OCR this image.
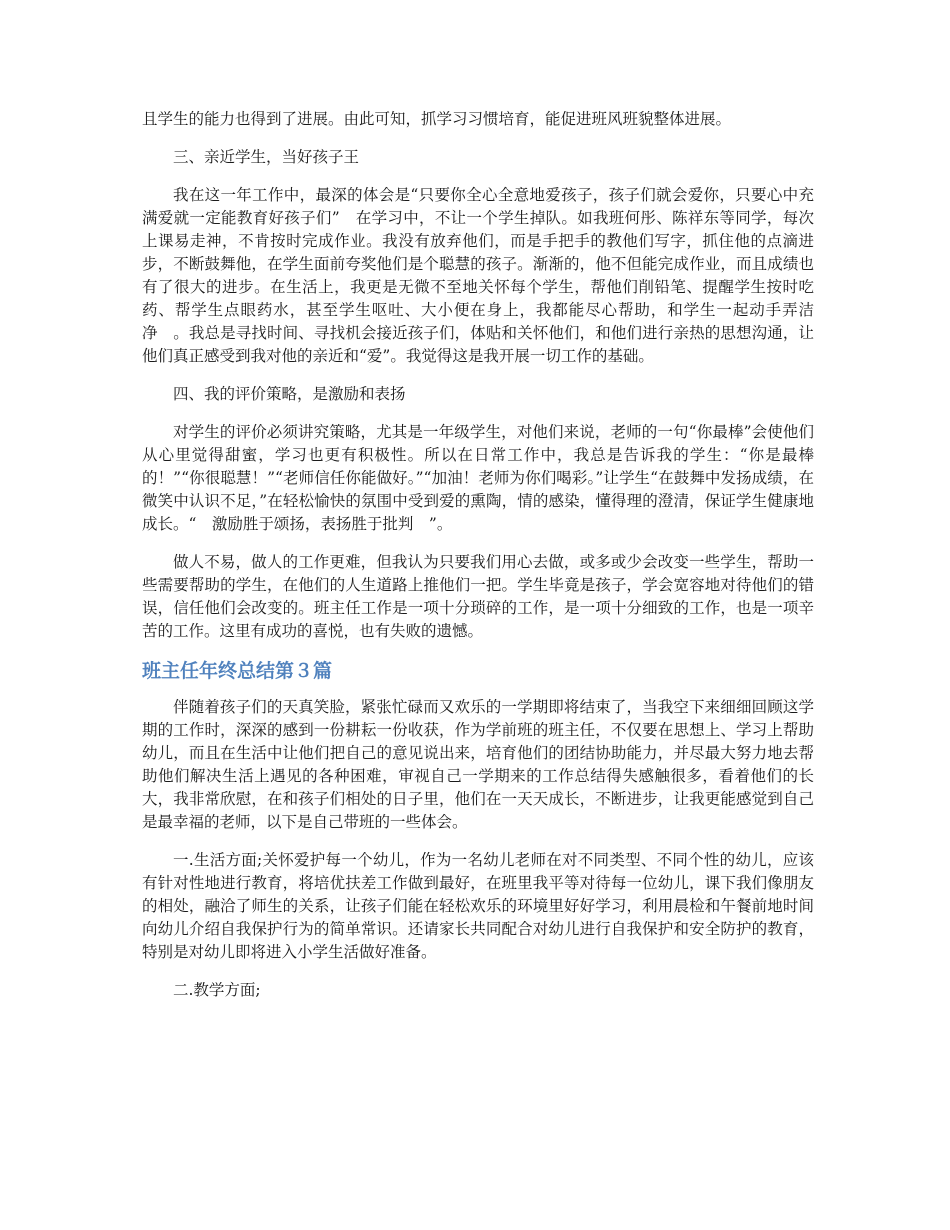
且学生的能力也得到了进展。由此可知，抓学习习惯培育，能促进班风班貌整体进展。

三、亲近学生，当好孩子王

我在这一年工作中，最深的体会是“只要你全心全意地爱孩子，孩子们就会爱你，只要心中充满爱就一定能教育好孩子们”　在学习中，不让一个学生掉队。如我班何彤、陈祥东等同学，每次上课易走神，不肯按时完成作业。我没有放弃他们，而是手把手的教他们写字，抓住他的点滴进步，不断鼓舞他，在学生面前夸奖他们是个聪慧的孩子。渐渐的，他不但能完成作业，而且成绩也有了很大的进步。在生活上，我更是无微不至地关怀每个学生，帮他们削铅笔、提醒学生按时吃药、帮学生点眼药水，甚至学生呕吐、大小便在身上，我都能尽心帮助，和学生一起动手弄洁净　。我总是寻找时间、寻找机会接近孩子们，体贴和关怀他们，和他们进行亲热的思想沟通，让他们真正感受到我对他的亲近和“爱”。我觉得这是我开展一切工作的基础。

四、我的评价策略，是激励和表扬

对学生的评价必须讲究策略，尤其是一年级学生，对他们来说，老师的一句“你最棒”会使他们从心里觉得甜蜜，学习也更有积极性。所以在日常工作中，我总是告诉我的学生：“你是最棒的！”“你很聪慧！”“老师信任你能做好。”“加油！老师为你们喝彩。”让学生“在鼓舞中发扬成绩，在微笑中认识不足，”在轻松愉快的氛围中受到爱的熏陶，情的感染，懂得理的澄清，保证学生健康地成长。“　激励胜于颂扬，表扬胜于批判　”。

做人不易，做人的工作更难，但我认为只要我们用心去做，或多或少会改变一些学生，帮助一些需要帮助的学生，在他们的人生道路上推他们一把。学生毕竟是孩子，学会宽容地对待他们的错误，信任他们会改变的。班主任工作是一项十分琐碎的工作，是一项十分细致的工作，也是一项辛苦的工作。这里有成功的喜悦，也有失败的遗憾。

班主任年终总结第３篇

伴随着孩子们的天真笑脸，紧张忙碌而又欢乐的一学期即将结束了，当我空下来细细回顾这学期的工作时，深深的感到一份耕耘一份收获，作为学前班的班主任，不仅要在思想上、学习上帮助幼儿，而且在生活中让他们把自己的意见说出来，培育他们的团结协助能力，并尽最大努力地去帮助他们解决生活上遇见的各种困难，审视自己一学期来的工作总结得失感触很多，看着他们的长大，我非常欣慰，在和孩子们相处的日子里，他们在一天天成长，不断进步，让我更能感觉到自己是最幸福的老师，以下是自己带班的一些体会。

一.生活方面;关怀爱护每一个幼儿，作为一名幼儿老师在对不同类型、不同个性的幼儿，应该有针对性地进行教育，将培优扶差工作做到最好，在班里我平等对待每一位幼儿，课下我们像朋友的相处，融洽了师生的关系，让孩子们能在轻松欢乐的环境里好好学习，利用晨检和午餐前地时间向幼儿介绍自我保护行为的简单常识。还请家长共同配合对幼儿进行自我保护和安全防护的教育，特别是对幼儿即将进入小学生活做好准备。

二.教学方面;
